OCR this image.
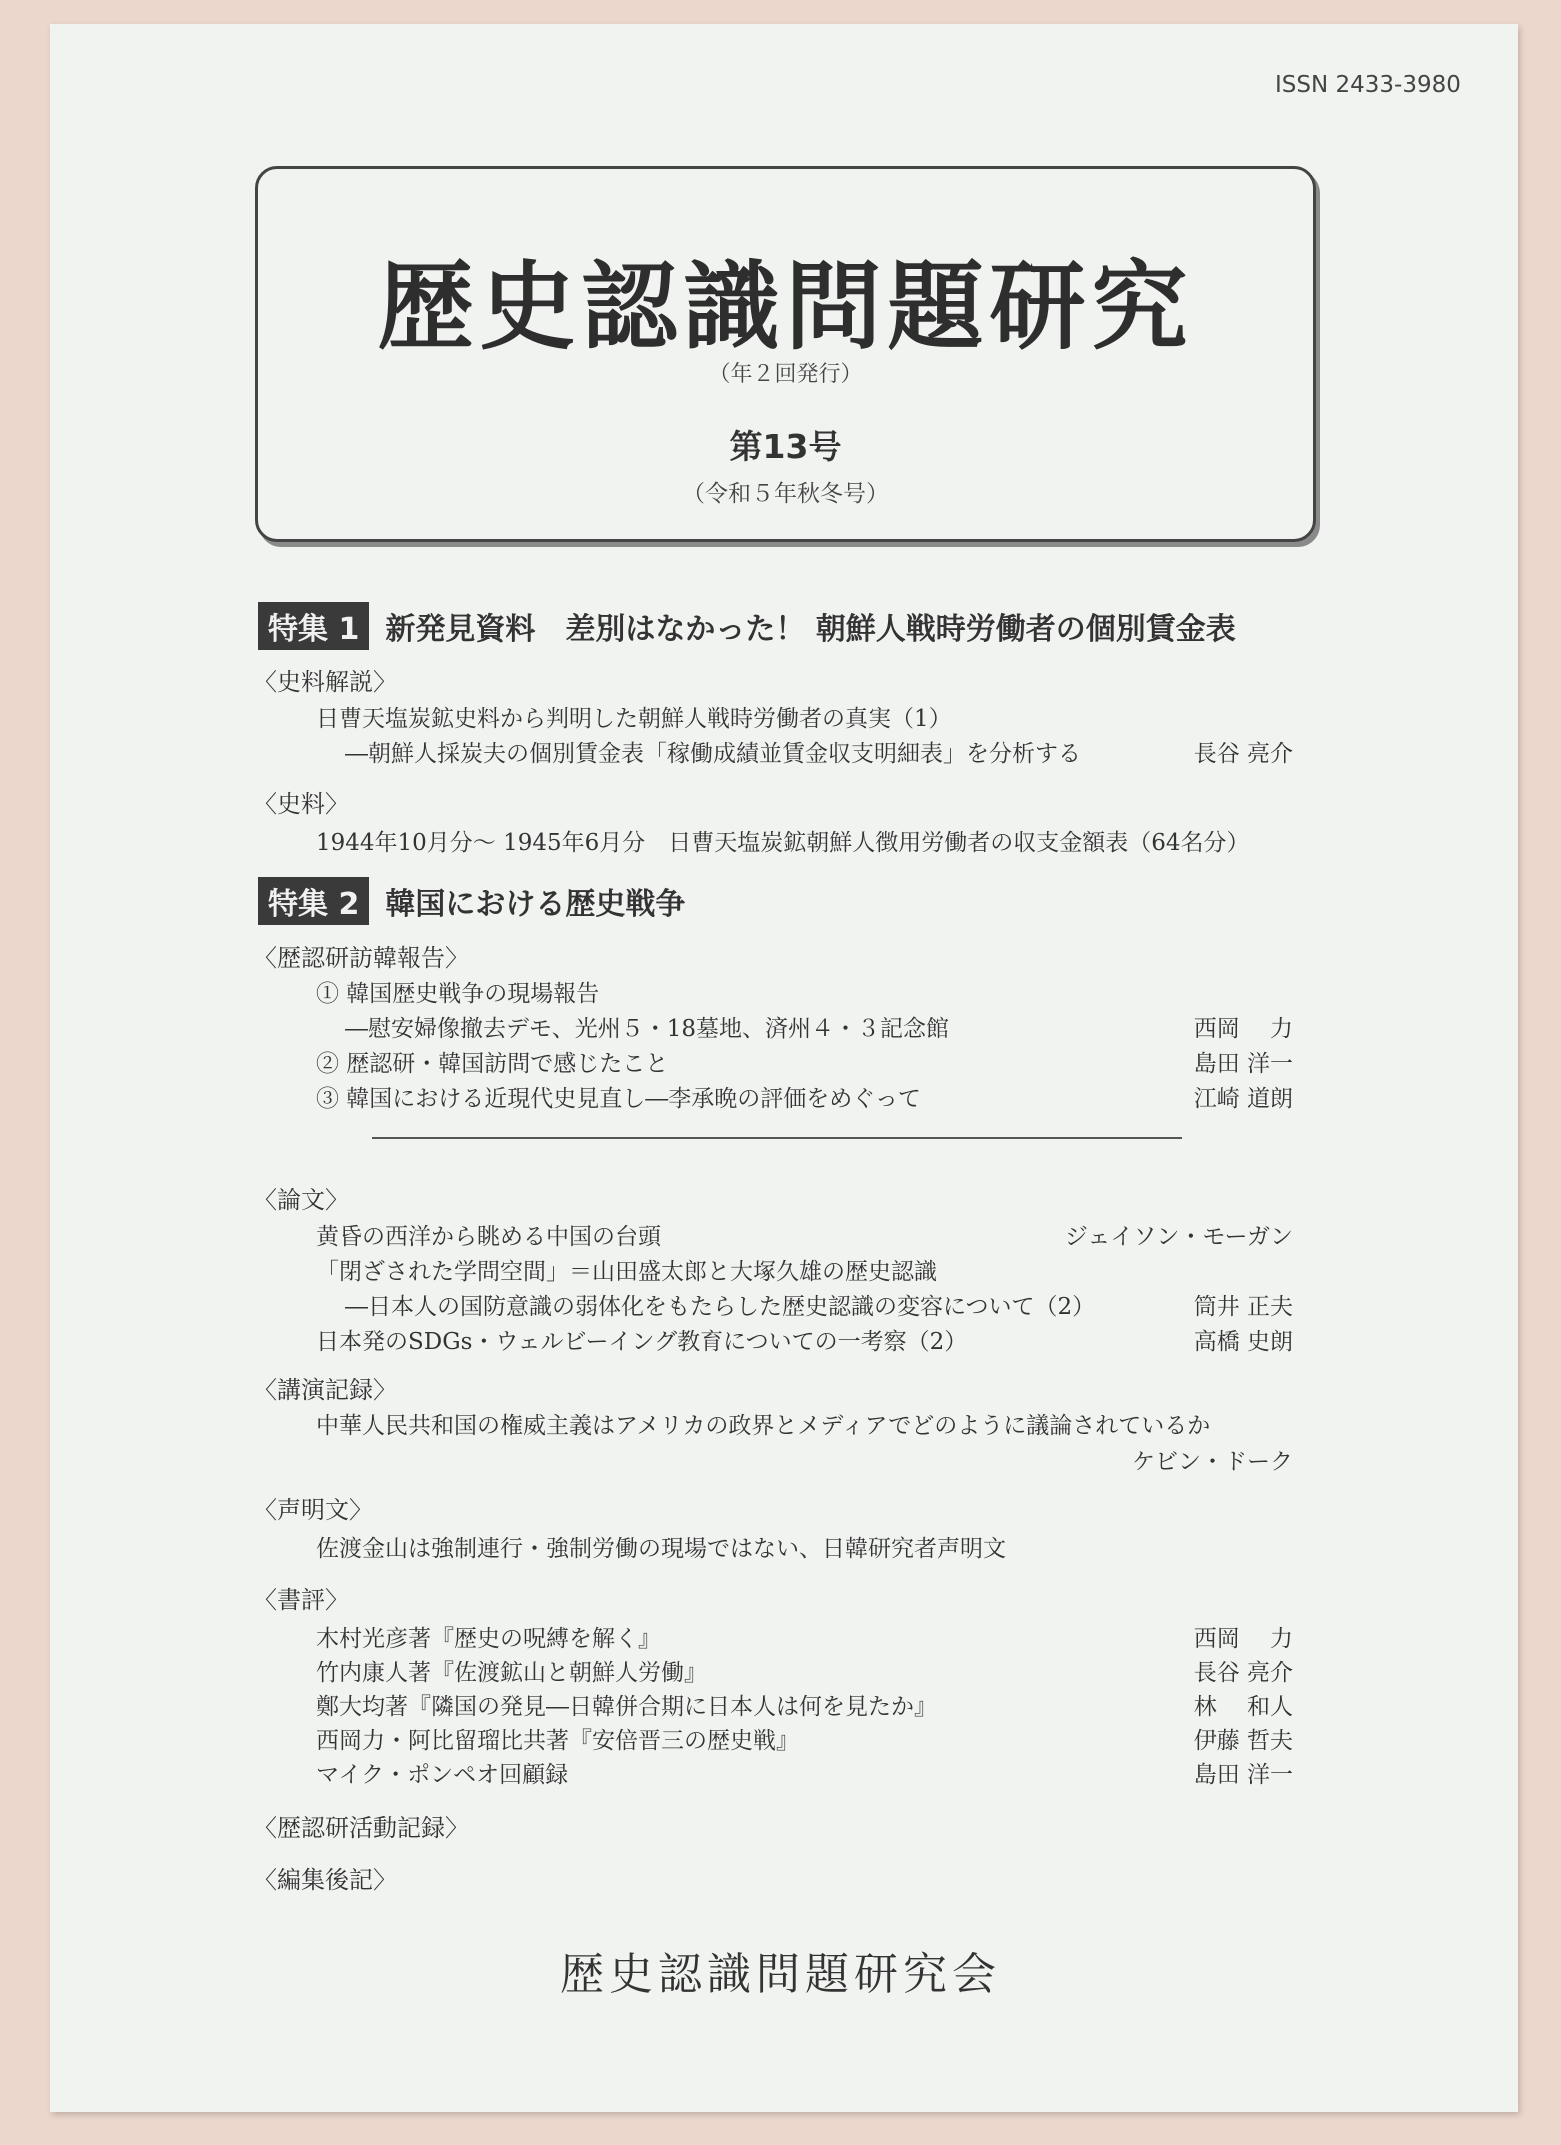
ISSN 2433-3980
歴史認識問題研究
（年２回発行）
第13号
（令和５年秋冬号）
特集 1 新発見資料　差別はなかった！ 朝鮮人戦時労働者の個別賃金表
〈史料解説〉
日曹天塩炭鉱史料から判明した朝鮮人戦時労働者の真実（1）
―朝鮮人採炭夫の個別賃金表「稼働成績並賃金収支明細表」を分析する	長谷 亮介
〈史料〉
1944年10月分～ 1945年6月分　日曹天塩炭鉱朝鮮人徴用労働者の収支金額表（64名分）
特集 2 韓国における歴史戦争
〈歴認研訪韓報告〉
① 韓国歴史戦争の現場報告
―慰安婦像撤去デモ、光州５・18墓地、済州４・３記念館	西岡　 力
② 歴認研・韓国訪問で感じたこと	島田 洋一
③ 韓国における近現代史見直し―李承晩の評価をめぐって	江崎 道朗
〈論文〉
黄昏の西洋から眺める中国の台頭	ジェイソン・モーガン
「閉ざされた学問空間」＝山田盛太郎と大塚久雄の歴史認識
―日本人の国防意識の弱体化をもたらした歴史認識の変容について（2）	筒井 正夫
日本発のSDGs・ウェルビーイング教育についての一考察（2）	高橋 史朗
〈講演記録〉
中華人民共和国の権威主義はアメリカの政界とメディアでどのように議論されているか
ケビン・ドーク
〈声明文〉
佐渡金山は強制連行・強制労働の現場ではない、日韓研究者声明文
〈書評〉
木村光彦著『歴史の呪縛を解く』	西岡　 力
竹内康人著『佐渡鉱山と朝鮮人労働』	長谷 亮介
鄭大均著『隣国の発見―日韓併合期に日本人は何を見たか』	林　 和人
西岡力・阿比留瑠比共著『安倍晋三の歴史戦』	伊藤 哲夫
マイク・ポンペオ回顧録	島田 洋一
〈歴認研活動記録〉
〈編集後記〉
歴史認識問題研究会
